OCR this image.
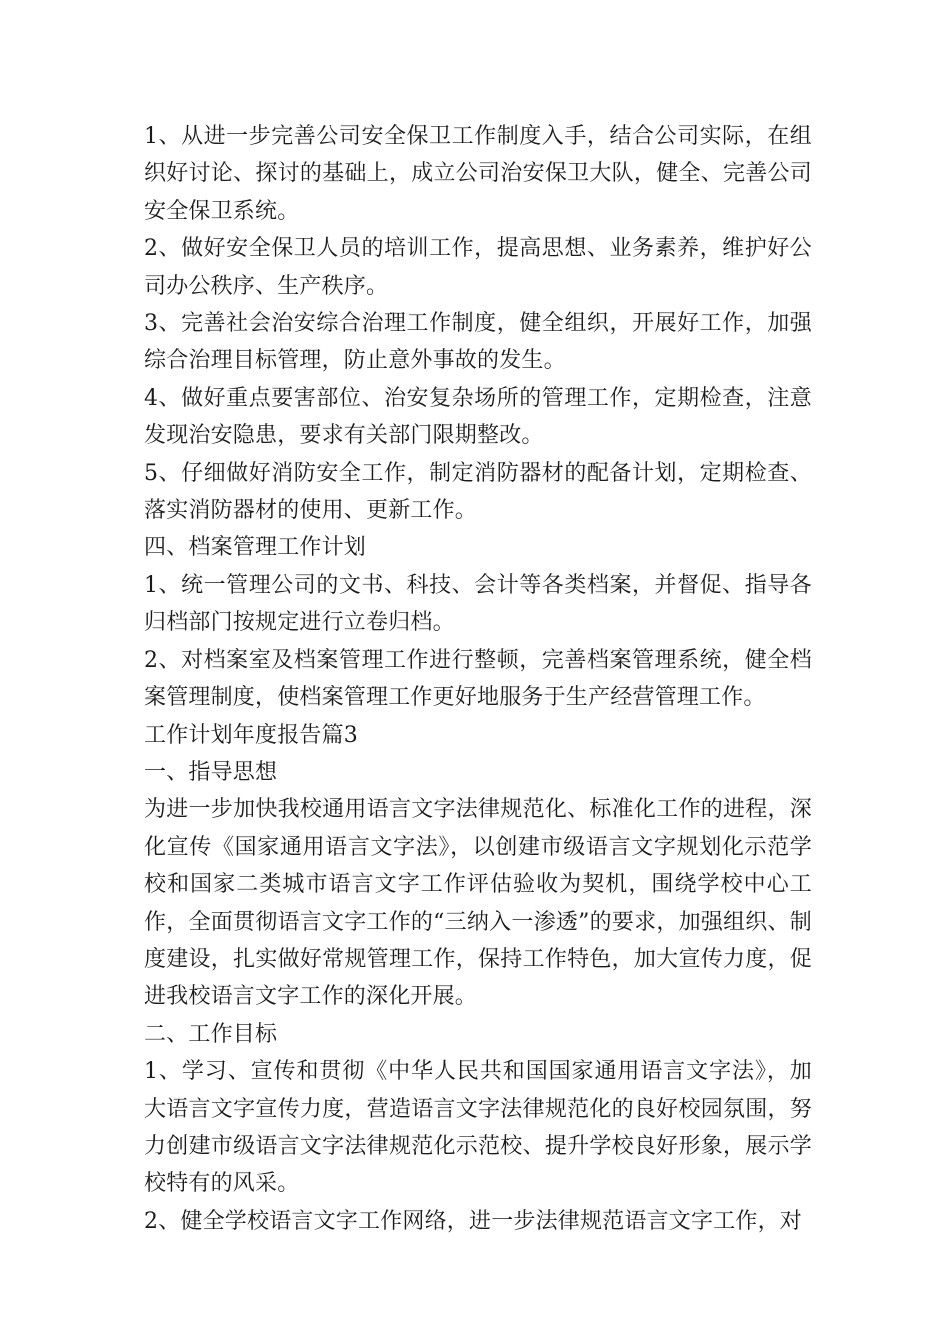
1、从进一步完善公司安全保卫工作制度入手，结合公司实际，在组织好讨论、探讨的基础上，成立公司治安保卫大队，健全、完善公司安全保卫系统。

2、做好安全保卫人员的培训工作，提高思想、业务素养，维护好公司办公秩序、生产秩序。

3、完善社会治安综合治理工作制度，健全组织，开展好工作，加强综合治理目标管理，防止意外事故的发生。

4、做好重点要害部位、治安复杂场所的管理工作，定期检查，注意发现治安隐患，要求有关部门限期整改。

5、仔细做好消防安全工作，制定消防器材的配备计划，定期检查、落实消防器材的使用、更新工作。

四、档案管理工作计划

1、统一管理公司的文书、科技、会计等各类档案，并督促、指导各归档部门按规定进行立卷归档。

2、对档案室及档案管理工作进行整顿，完善档案管理系统，健全档案管理制度，使档案管理工作更好地服务于生产经营管理工作。

工作计划年度报告篇3

一、指导思想

为进一步加快我校通用语言文字法律规范化、标准化工作的进程，深化宣传《国家通用语言文字法》，以创建市级语言文字规划化示范学校和国家二类城市语言文字工作评估验收为契机，围绕学校中心工作，全面贯彻语言文字工作的“三纳入一渗透”的要求，加强组织、制度建设，扎实做好常规管理工作，保持工作特色，加大宣传力度，促进我校语言文字工作的深化开展。

二、工作目标

1、学习、宣传和贯彻《中华人民共和国国家通用语言文字法》，加大语言文字宣传力度，营造语言文字法律规范化的良好校园氛围，努力创建市级语言文字法律规范化示范校、提升学校良好形象，展示学校特有的风采。

2、健全学校语言文字工作网络，进一步法律规范语言文字工作，对
